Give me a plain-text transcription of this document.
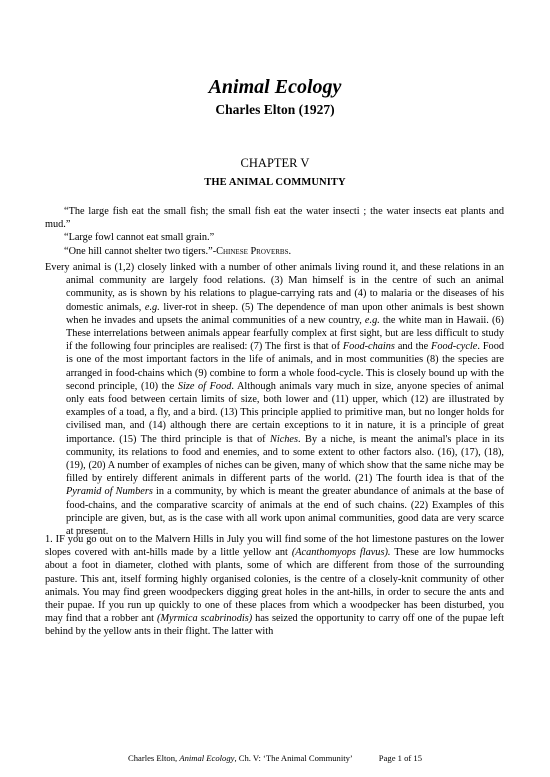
Animal Ecology
Charles Elton (1927)
CHAPTER V
THE ANIMAL COMMUNITY

“The large fish eat the small fish; the small fish eat the water insecti ; the water insects eat plants and mud.”

“Large fowl cannot eat small grain.”

“One hill cannot shelter two tigers.”-Chinese Proverbs.

Every animal is (1,2) closely linked with a number of other animals living round it, and these relations in an animal community are largely food relations. (3) Man himself is in the centre of such an animal community, as is shown by his relations to plague-carrying rats and (4) to malaria or the diseases of his domestic animals, e.g. liver-rot in sheep. (5) The dependence of man upon other animals is best shown when he invades and upsets the animal communities of a new country, e.g. the white man in Hawaii. (6) These interrelations between animals appear fearfully complex at first sight, but are less difficult to study if the following four principles are realised: (7) The first is that of Food-chains and the Food-cycle. Food is one of the most important factors in the life of animals, and in most communities (8) the species are arranged in food-chains which (9) combine to form a whole food-cycle. This is closely bound up with the second principle, (10) the Size of Food. Although animals vary much in size, anyone species of animal only eats food between certain limits of size, both lower and (11) upper, which (12) are illustrated by examples of a toad, a fly, and a bird. (13) This principle applied to primitive man, but no longer holds for civilised man, and (14) although there are certain exceptions to it in nature, it is a principle of great importance. (15) The third principle is that of Niches. By a niche, is meant the animal's place in its community, its relations to food and enemies, and to some extent to other factors also. (16), (17), (18), (19), (20) A number of examples of niches can be given, many of which show that the same niche may be filled by entirely different animals in different parts of the world. (21) The fourth idea is that of the Pyramid of Numbers in a community, by which is meant the greater abundance of animals at the base of food-chains, and the comparative scarcity of animals at the end of such chains. (22) Examples of this principle are given, but, as is the case with all work upon animal communities, good data are very scarce at present.

1. IF you go out on to the Malvern Hills in July you will find some of the hot limestone pastures on the lower slopes covered with ant-hills made by a little yellow ant (Acanthomyops flavus). These are low hummocks about a foot in diameter, clothed with plants, some of which are different from those of the surrounding pasture. This ant, itself forming highly organised colonies, is the centre of a closely-knit community of other animals. You may find green woodpeckers digging great holes in the ant-hills, in order to secure the ants and their pupae. If you run up quickly to one of these places from which a woodpecker has been disturbed, you may find that a robber ant (Myrmica scabrinodis) has seized the opportunity to carry off one of the pupae left behind by the yellow ants in their flight. The latter with

Charles Elton, Animal Ecology, Ch. V: ‘The Animal Community’	Page 1 of 15
